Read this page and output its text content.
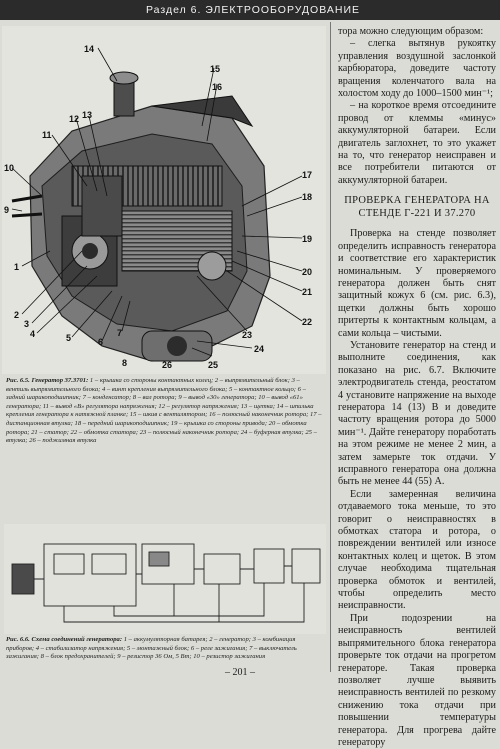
Раздел 6. ЭЛЕКТРООБОРУДОВАНИЕ
14
15
16
11
12 13
10
17
9
18
1
19
20
21
22
2
3
4	5	6
7
8
23
24
25
26

Рис. 6.5. Генератор 37.3701: 1 – крышка со стороны контактных колец; 2 – выпрямительный блок; 3 – вентиль выпрямительного блока; 4 – винт крепления выпрямительного блока; 5 – контактное кольцо; 6 – задний шарикоподшипник; 7 – конденсатор; 8 – вал ротора; 9 – вывод «30» генератора; 10 – вывод «61» генератора; 11 – вывод «В» регулятора напряжения; 12 – регулятор напряжения; 13 – щетка; 14 – шпилька крепления генератора к натяжной планке; 15 – шкив с вентилятором; 16 – полюсный наконечник ротора; 17 – дистанционная втулка; 18 – передний шарикоподшипник; 19 – крышка со стороны привода; 20 – обмотка ротора; 21 – статор; 22 – обмотка статора; 23 – полюсный наконечник ротора; 24 – буферная втулка; 25 – втулка; 26 – поджимная втулка

Рис. 6.6. Схема соединений генератора: 1 – аккумуляторная батарея; 2 – генератор; 3 – комбинация приборов; 4 – стабилизатор напряжения; 5 – монтажный блок; 6 – реле зажигания; 7 – выключатель зажигания; 8 – блок предохранителей; 9 – резистор 36 Ом, 5 Вт; 10 – резистор зажигания

тора можно следующим образом:

– слегка вытянув рукоятку управления воздушной заслонкой карбюратора, доведите частоту вращения коленчатого вала на холостом ходу до 1000–1500 мин⁻¹;

– на короткое время отсоедините провод от клеммы «минус» аккумуляторной батареи. Если двигатель заглохнет, то это укажет на то, что генератор неисправен и все потребители питаются от аккумуляторной батареи.

ПРОВЕРКА ГЕНЕРАТОРА НА СТЕНДЕ Г-221 И 37.270

Проверка на стенде позволяет определить исправность генератора и соответствие его характеристик номинальным. У проверяемого генератора должен быть снят защитный кожух 6 (см. рис. 6.3), щетки должны быть хорошо притерты к контактным кольцам, а сами кольца – чистыми.

Установите генератор на стенд и выполните соединения, как показано на рис. 6.7. Включите электродвигатель стенда, реостатом 4 установите напряжение на выходе генератора 14 (13) В и доведите частоту вращения ротора до 5000 мин⁻¹. Дайте генератору поработать на этом режиме не менее 2 мин, а затем замерьте ток отдачи. У исправного генератора она должна быть не менее 44 (55) А.

Если замеренная величина отдаваемого тока меньше, то это говорит о неисправностях в обмотках статора и ротора, о повреждении вентилей или износе контактных колец и щеток. В этом случае необходима тщательная проверка обмоток и вентилей, чтобы определить место неисправности.

При подозрении на неисправность вентилей выпрямительного блока генератора проверьте ток отдачи на прогретом генераторе. Такая проверка позволяет лучше выявить неисправность вентилей по резкому снижению тока отдачи при повышении температуры генератора. Для прогрева дайте генератору

– 201 –
